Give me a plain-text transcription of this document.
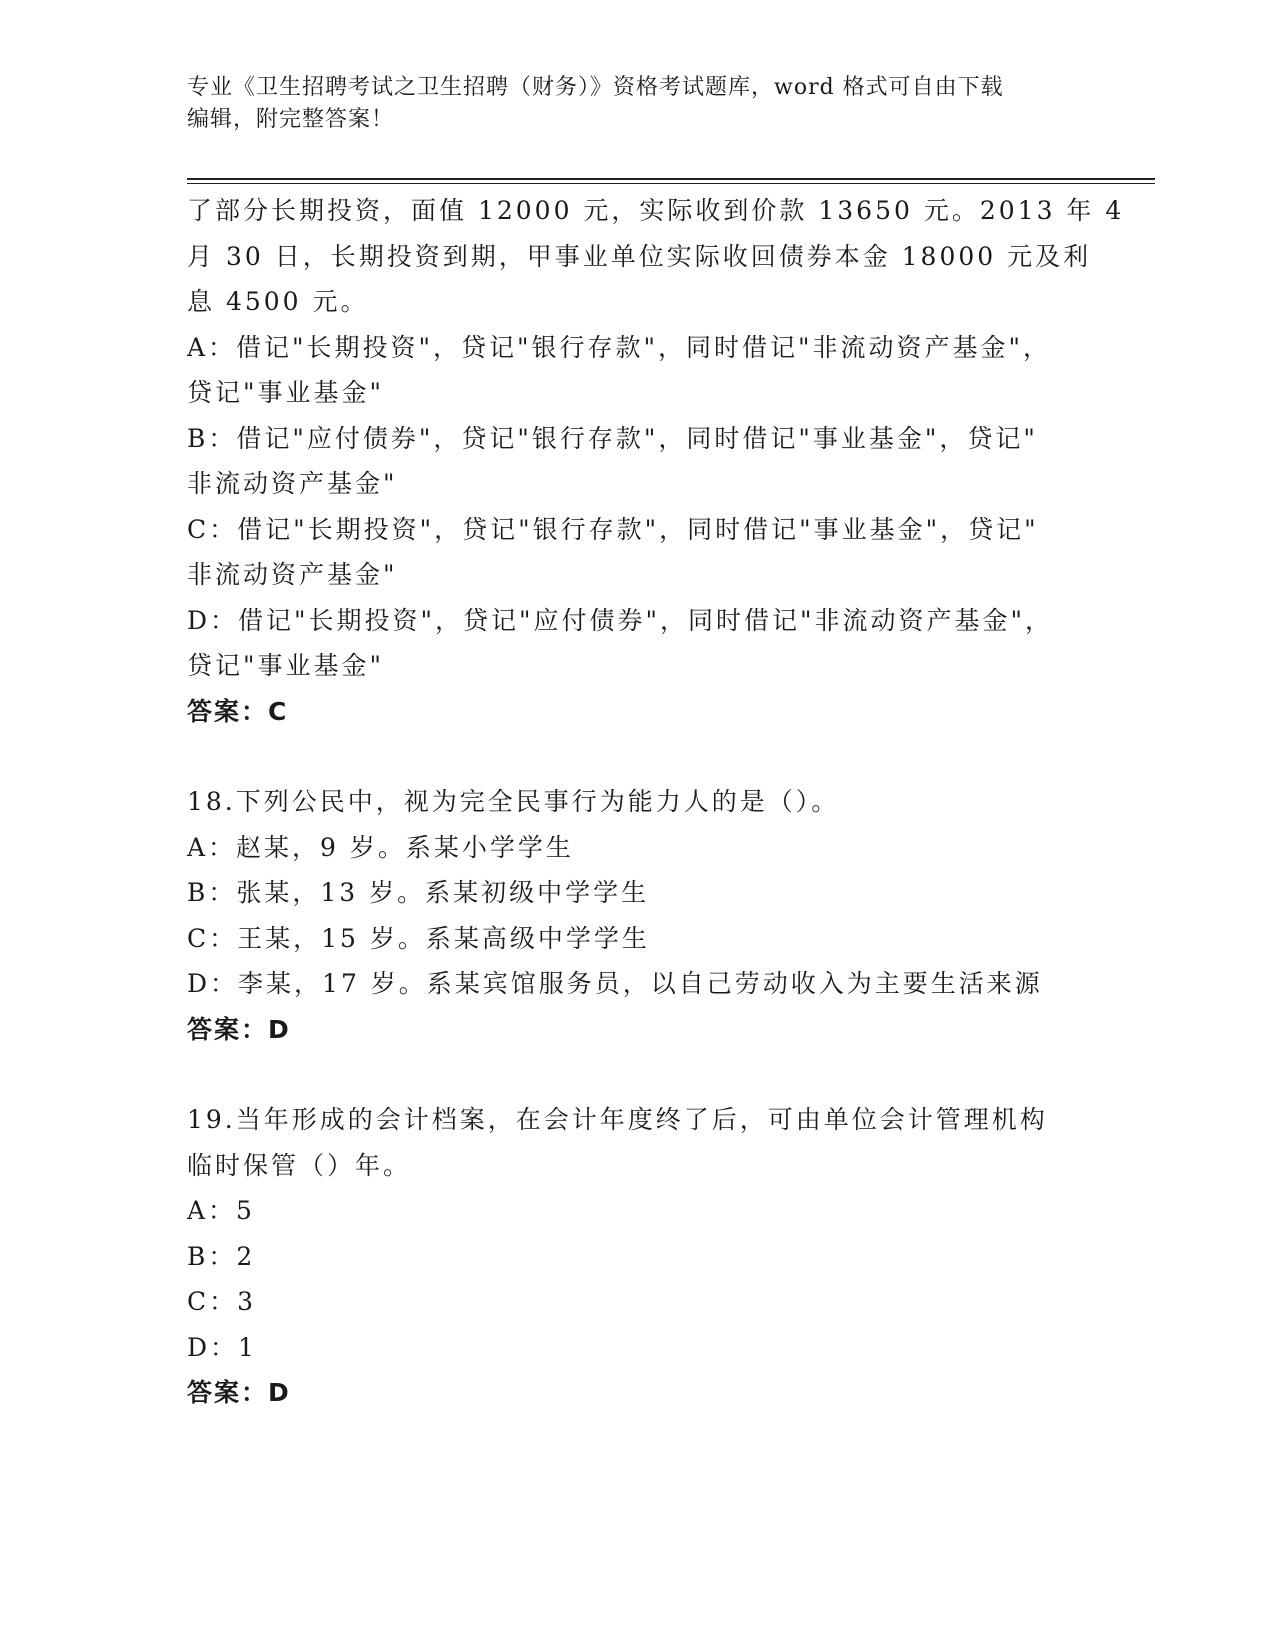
专业《卫生招聘考试之卫生招聘（财务）》资格考试题库，word 格式可自由下载
编辑，附完整答案！
了部分长期投资，面值 12000 元，实际收到价款 13650 元。2013 年 4
月 30 日，长期投资到期，甲事业单位实际收回债券本金 18000 元及利
息 4500 元。
A：借记"长期投资"，贷记"银行存款"，同时借记"非流动资产基金"，
贷记"事业基金"
B：借记"应付债券"，贷记"银行存款"，同时借记"事业基金"，贷记"
非流动资产基金"
C：借记"长期投资"，贷记"银行存款"，同时借记"事业基金"，贷记"
非流动资产基金"
D：借记"长期投资"，贷记"应付债券"，同时借记"非流动资产基金"，
贷记"事业基金"
答案：C
18.下列公民中，视为完全民事行为能力人的是（）。
A：赵某，9 岁。系某小学学生
B：张某，13 岁。系某初级中学学生
C：王某，15 岁。系某高级中学学生
D：李某，17 岁。系某宾馆服务员，以自己劳动收入为主要生活来源
答案：D
19.当年形成的会计档案，在会计年度终了后，可由单位会计管理机构
临时保管（）年。
A：5
B：2
C：3
D：1
答案：D
